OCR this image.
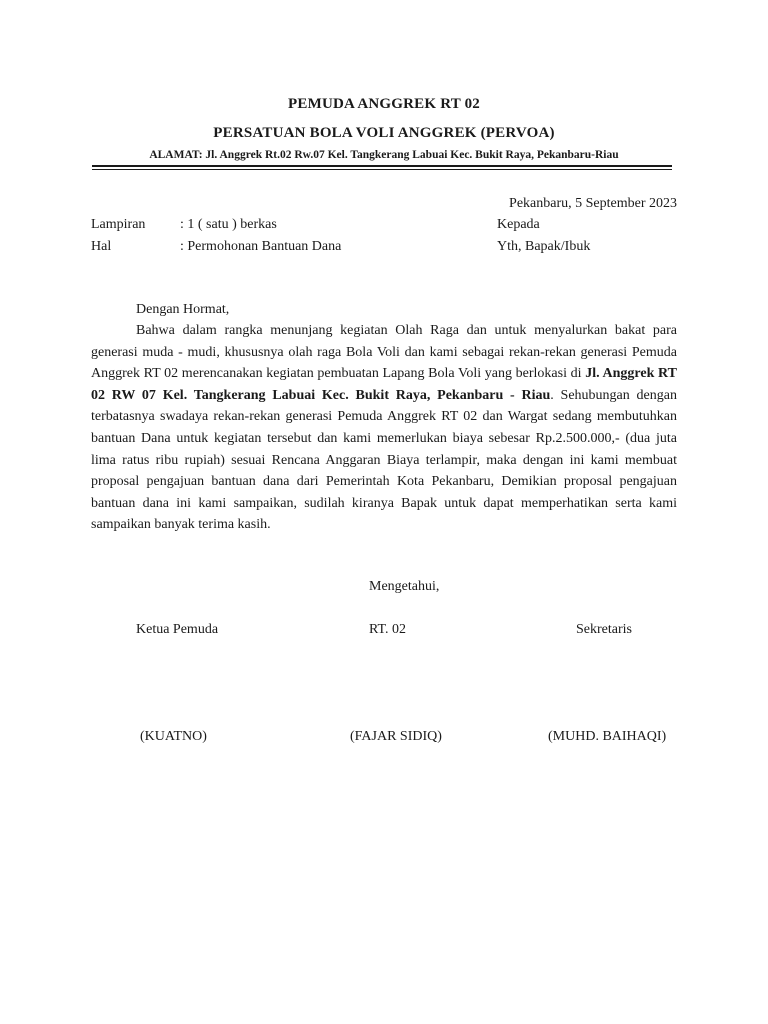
PEMUDA ANGGREK RT 02
PERSATUAN BOLA VOLI ANGGREK (PERVOA)
ALAMAT: Jl. Anggrek Rt.02 Rw.07 Kel. Tangkerang Labuai Kec. Bukit Raya, Pekanbaru-Riau
Pekanbaru, 5 September 2023
Lampiran	: 1 ( satu ) berkas
Hal	: Permohonan Bantuan Dana
Kepada
Yth, Bapak/Ibuk
Dengan Hormat,
Bahwa dalam rangka menunjang kegiatan Olah Raga dan untuk menyalurkan bakat para generasi muda - mudi, khususnya olah raga Bola Voli dan kami sebagai rekan-rekan generasi Pemuda Anggrek RT 02 merencanakan kegiatan pembuatan Lapang Bola Voli yang berlokasi di Jl. Anggrek RT 02 RW 07 Kel. Tangkerang Labuai Kec. Bukit Raya, Pekanbaru - Riau. Sehubungan dengan terbatasnya swadaya rekan-rekan generasi Pemuda Anggrek RT 02 dan Wargat sedang membutuhkan bantuan Dana untuk kegiatan tersebut dan kami memerlukan biaya sebesar Rp.2.500.000,- (dua juta lima ratus ribu rupiah) sesuai Rencana Anggaran Biaya terlampir, maka dengan ini kami membuat proposal pengajuan bantuan dana dari Pemerintah Kota Pekanbaru, Demikian proposal pengajuan bantuan dana ini kami sampaikan, sudilah kiranya Bapak untuk dapat memperhatikan serta kami sampaikan banyak terima kasih.
Mengetahui,
Ketua Pemuda	RT. 02	Sekretaris
(KUATNO)	(FAJAR SIDIQ)	(MUHD. BAIHAQI)
